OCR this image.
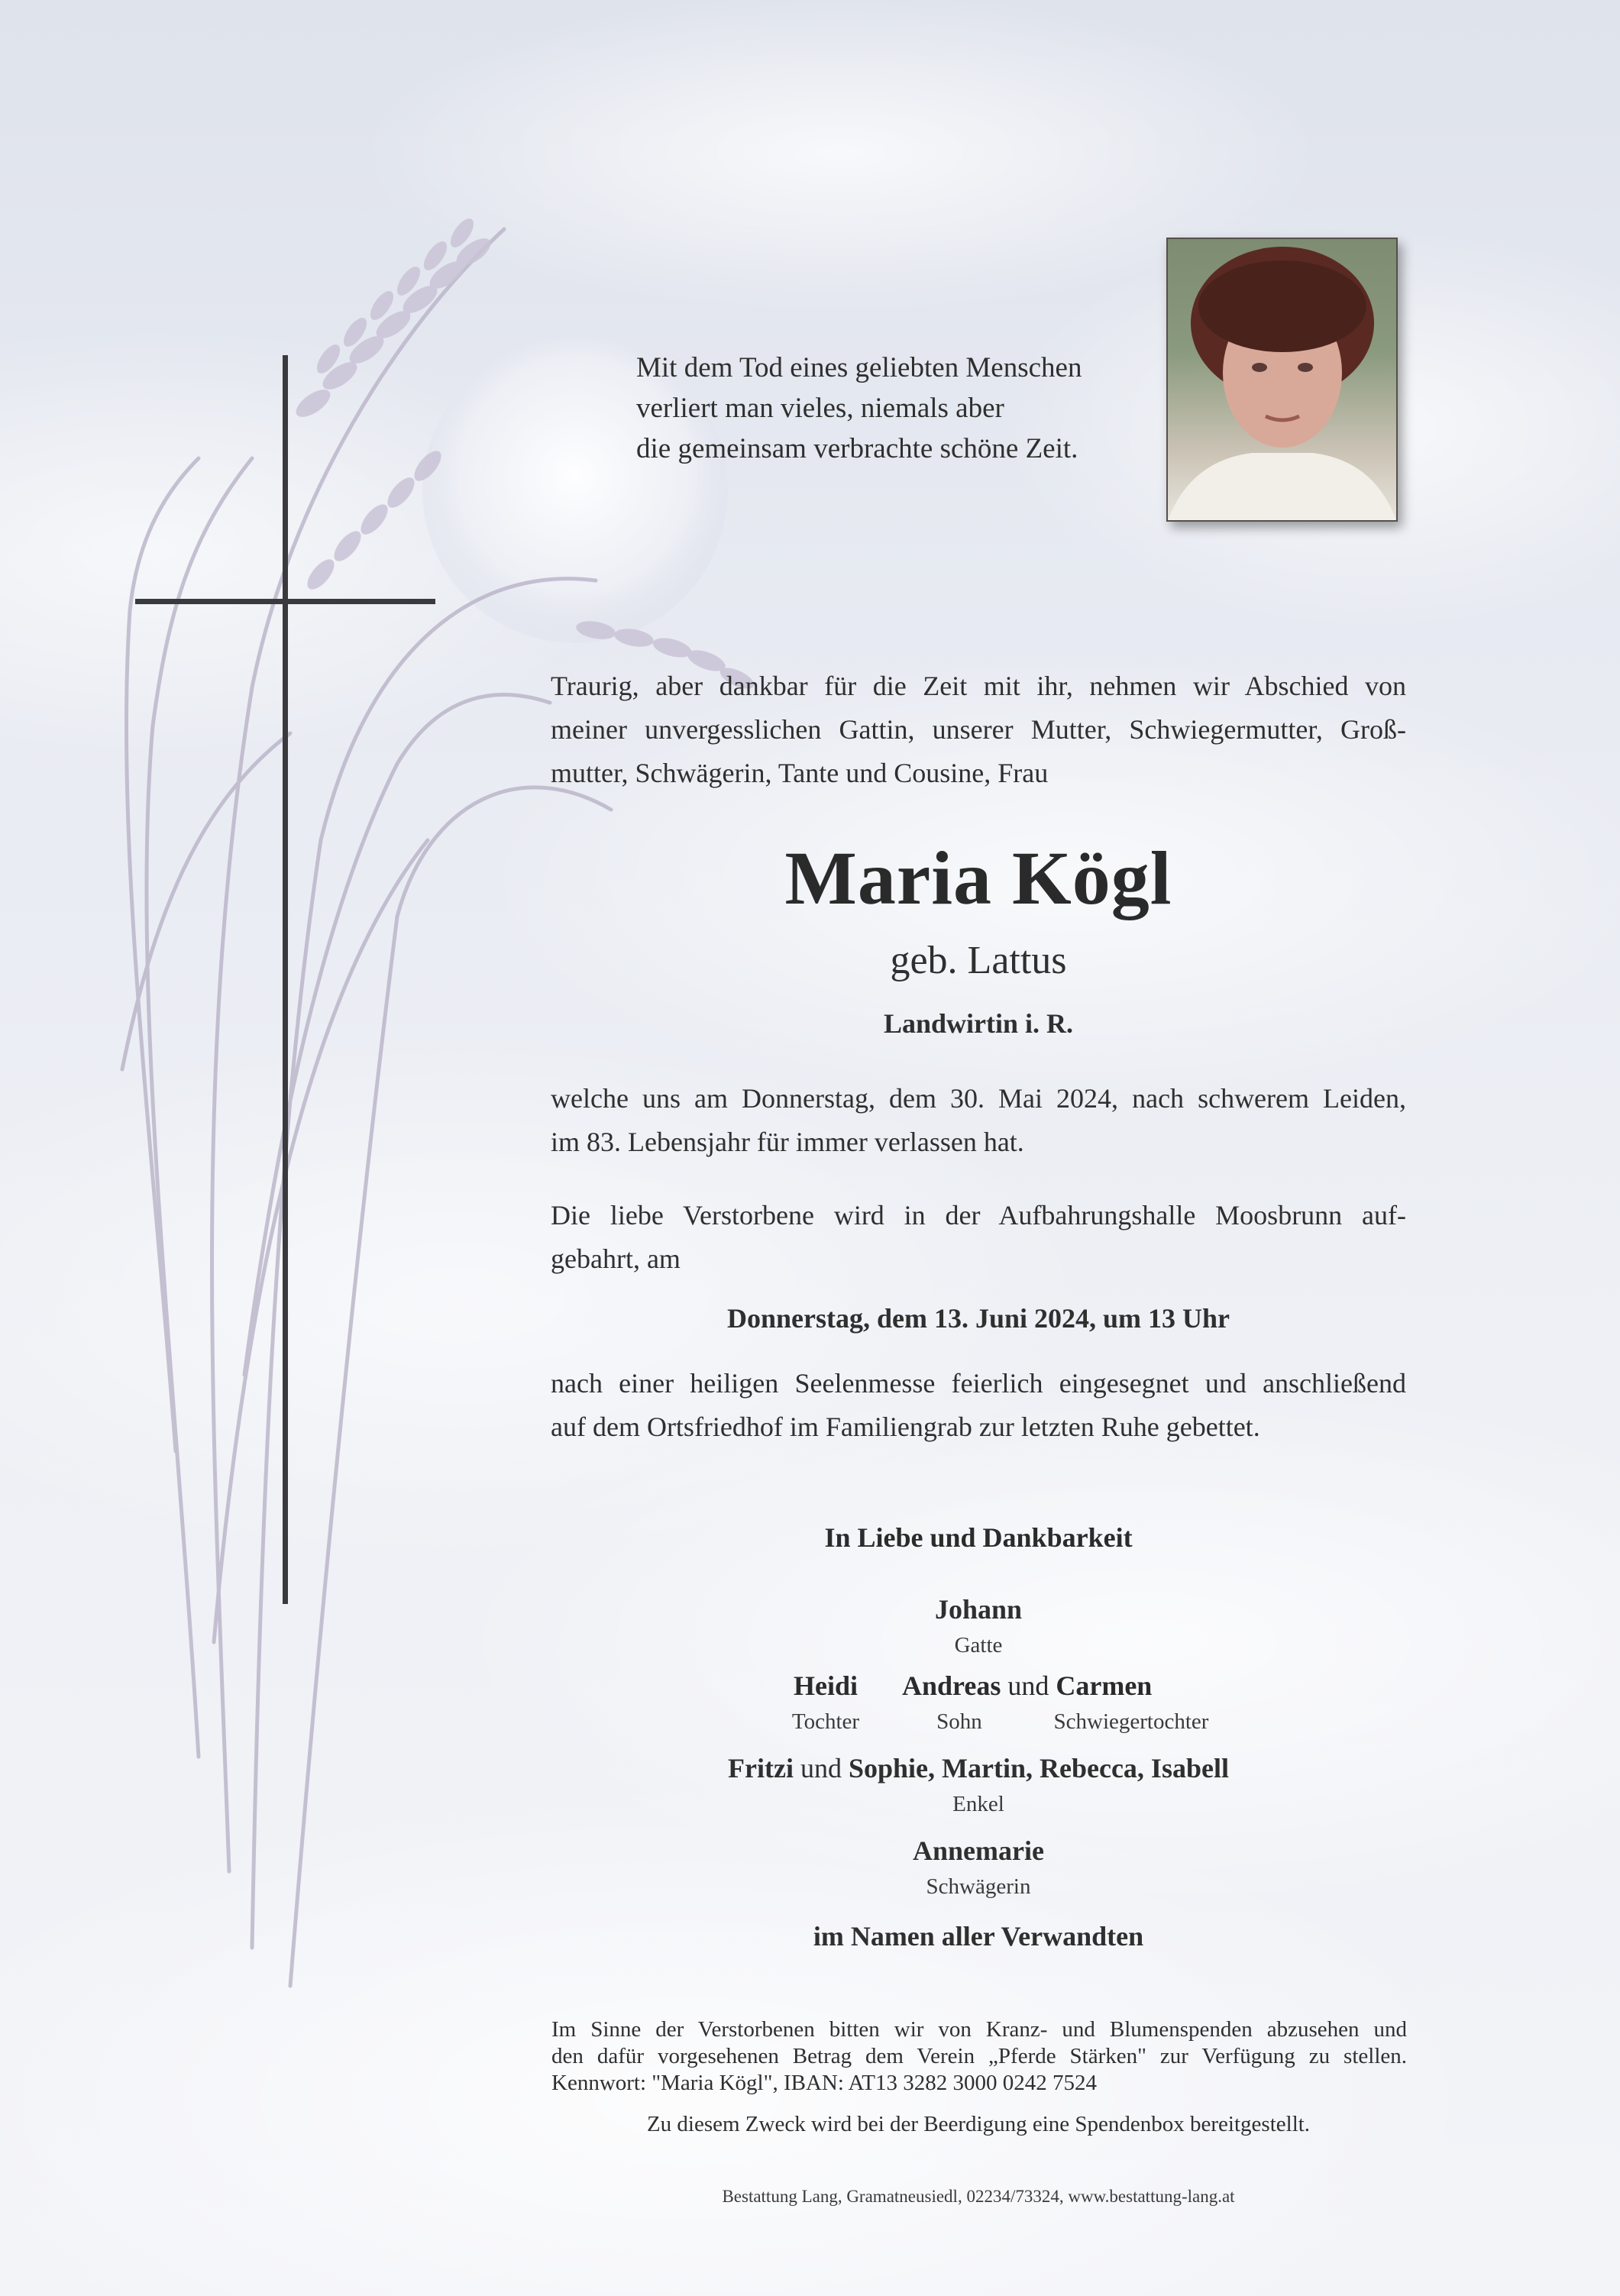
Mit dem Tod eines geliebten Menschen
verliert man vieles, niemals aber
die gemeinsam verbrachte schöne Zeit.
Traurig, aber dankbar für die Zeit mit ihr, nehmen wir Abschied von
meiner unvergesslichen Gattin, unserer Mutter, Schwiegermutter, Groß-
mutter, Schwägerin, Tante und Cousine, Frau
Maria Kögl
geb. Lattus
Landwirtin i. R.
welche uns am Donnerstag, dem 30. Mai 2024, nach schwerem Leiden,
im 83. Lebensjahr für immer verlassen hat.
Die liebe Verstorbene wird in der Aufbahrungshalle Moosbrunn auf-
gebahrt, am
Donnerstag, dem 13. Juni 2024, um 13 Uhr
nach einer heiligen Seelenmesse feierlich eingesegnet und anschließend
auf dem Ortsfriedhof im Familiengrab zur letzten Ruhe gebettet.
In Liebe und Dankbarkeit
Johann
Gatte
Heidi	Andreas und Carmen
Tochter	Sohn	Schwiegertochter
Fritzi und Sophie, Martin, Rebecca, Isabell
Enkel
Annemarie
Schwägerin
im Namen aller Verwandten
Im Sinne der Verstorbenen bitten wir von Kranz- und Blumenspenden abzusehen und
den dafür vorgesehenen Betrag dem Verein „Pferde Stärken" zur Verfügung zu stellen.
Kennwort: "Maria Kögl", IBAN: AT13 3282 3000 0242 7524
Zu diesem Zweck wird bei der Beerdigung eine Spendenbox bereitgestellt.
Bestattung Lang, Gramatneusiedl, 02234/73324, www.bestattung-lang.at
